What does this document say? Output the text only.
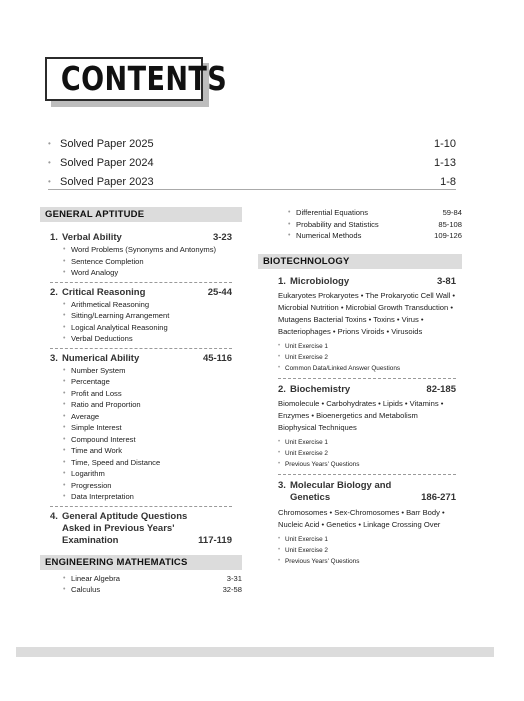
CONTENTS
• Solved Paper 2025	1-10
• Solved Paper 2024	1-13
• Solved Paper 2023	1-8
GENERAL APTITUDE
1. Verbal Ability	3-23
• Word Problems (Synonyms and Antonyms)
• Sentence Completion
• Word Analogy
2. Critical Reasoning	25-44
• Arithmetical Reasoning
• Sitting/Learning Arrangement
• Logical Analytical Reasoning
• Verbal Deductions
3. Numerical Ability	45-116
• Number System
• Percentage
• Profit and Loss
• Ratio and Proportion
• Average
• Simple Interest
• Compound Interest
• Time and Work
• Time, Speed and Distance
• Logarithm
• Progression
• Data Interpretation
4. General Aptitude Questions
Asked in Previous Years'
Examination	117-119
ENGINEERING MATHEMATICS
• Linear Algebra	3-31
• Calculus	32-58
• Differential Equations	59-84
• Probability and Statistics	85-108
• Numerical Methods	109-126
BIOTECHNOLOGY
1. Microbiology	3-81
Eukaryotes Prokaryotes • The Prokaryotic Cell Wall • Microbial Nutrition • Microbial Growth Transduction • Mutagens Bacterial Toxins • Toxins • Virus • Bacteriophages • Prions Viroids • Virusoids
• Unit Exercise 1
• Unit Exercise 2
• Common Data/Linked Answer Questions
2. Biochemistry	82-185
Biomolecule • Carbohydrates • Lipids • Vitamins • Enzymes • Bioenergetics and Metabolism Biophysical Techniques
• Unit Exercise 1
• Unit Exercise 2
• Previous Years' Questions
3. Molecular Biology and
Genetics	186-271
Chromosomes • Sex-Chromosomes • Barr Body • Nucleic Acid • Genetics • Linkage Crossing Over
• Unit Exercise 1
• Unit Exercise 2
• Previous Years' Questions
